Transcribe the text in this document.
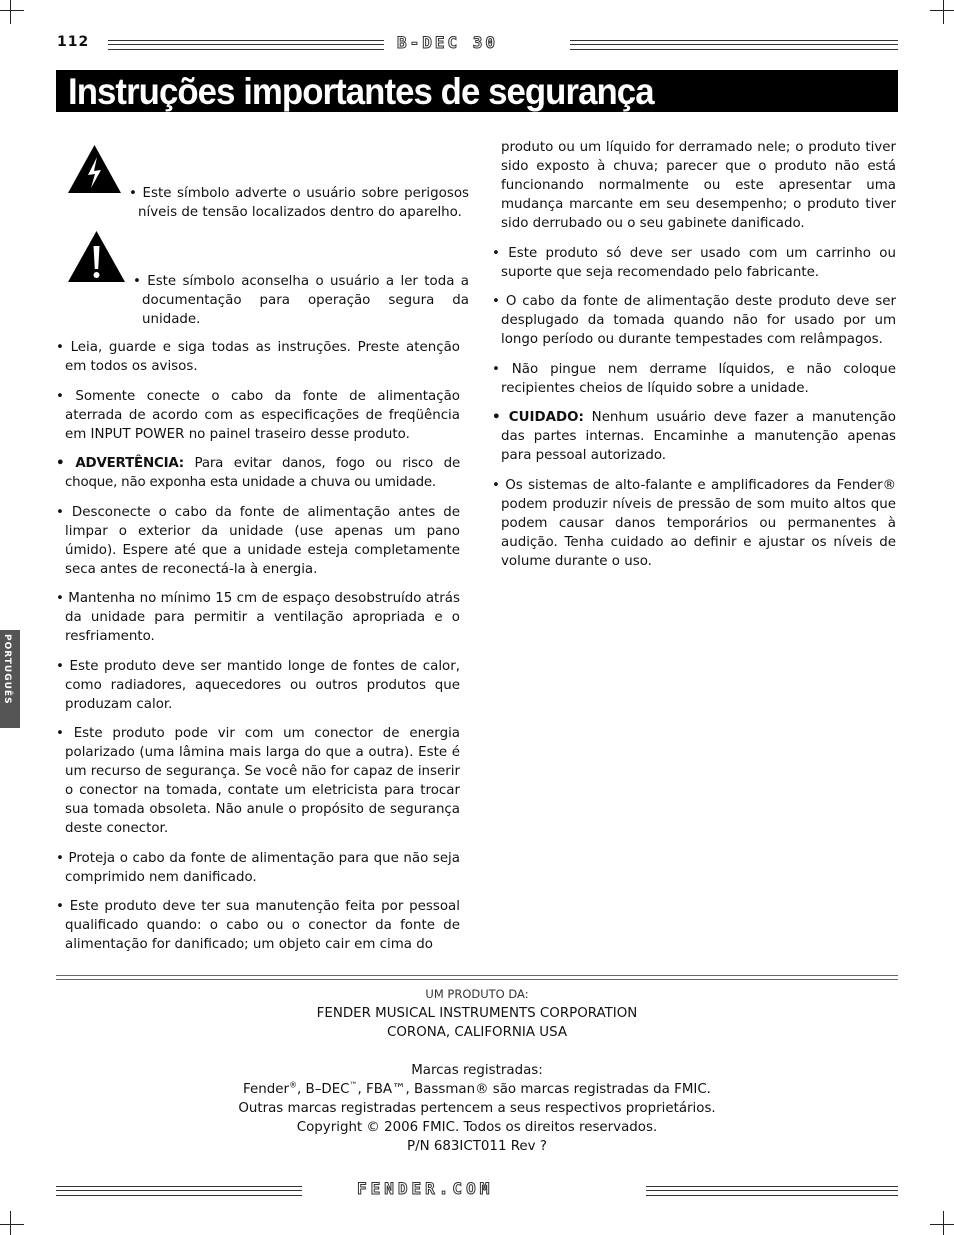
112	B-DEC 30
Instruções importantes de segurança
PORTUGUÊS
• Este símbolo adverte o usuário sobre perigosos níveis de tensão localizados dentro do aparelho.
• Este símbolo aconselha o usuário a ler toda a documentação para operação segura da unidade.

• Leia, guarde e siga todas as instruções. Preste atenção em todos os avisos.

• Somente conecte o cabo da fonte de alimentação aterrada de acordo com as especificações de freqüência em INPUT POWER no painel traseiro desse produto.

• ADVERTÊNCIA: Para evitar danos, fogo ou risco de choque, não exponha esta unidade a chuva ou umidade.

• Desconecte o cabo da fonte de alimentação antes de limpar o exterior da unidade (use apenas um pano úmido). Espere até que a unidade esteja completamente seca antes de reconectá-la à energia.

• Mantenha no mínimo 15 cm de espaço desobstruído atrás da unidade para permitir a ventilação apropriada e o resfriamento.

• Este produto deve ser mantido longe de fontes de calor, como radiadores, aquecedores ou outros produtos que produzam calor.

• Este produto pode vir com um conector de energia polarizado (uma lâmina mais larga do que a outra). Este é um recurso de segurança. Se você não for capaz de inserir o conector na tomada, contate um eletricista para trocar sua tomada obsoleta. Não anule o propósito de segurança deste conector.

• Proteja o cabo da fonte de alimentação para que não seja comprimido nem danificado.

• Este produto deve ter sua manutenção feita por pessoal qualificado quando: o cabo ou o conector da fonte de alimentação for danificado; um objeto cair em cima do

produto ou um líquido for derramado nele; o produto tiver sido exposto à chuva; parecer que o produto não está funcionando normalmente ou este apresentar uma mudança marcante em seu desempenho; o produto tiver sido derrubado ou o seu gabinete danificado.

• Este produto só deve ser usado com um carrinho ou suporte que seja recomendado pelo fabricante.

• O cabo da fonte de alimentação deste produto deve ser desplugado da tomada quando não for usado por um longo período ou durante tempestades com relâmpagos.

• Não pingue nem derrame líquidos, e não coloque recipientes cheios de líquido sobre a unidade.

• CUIDADO: Nenhum usuário deve fazer a manutenção das partes internas. Encaminhe a manutenção apenas para pessoal autorizado.

• Os sistemas de alto-falante e amplificadores da Fender® podem produzir níveis de pressão de som muito altos que podem causar danos temporários ou permanentes à audição. Tenha cuidado ao definir e ajustar os níveis de volume durante o uso.

UM PRODUTO DA:
FENDER MUSICAL INSTRUMENTS CORPORATION
CORONA, CALIFORNIA USA
Marcas registradas:
Fender®, B–DEC™, FBA™, Bassman® são marcas registradas da FMIC.
Outras marcas registradas pertencem a seus respectivos proprietários.
Copyright © 2006 FMIC. Todos os direitos reservados.
P/N 683ICT011 Rev ?
FENDER.COM
